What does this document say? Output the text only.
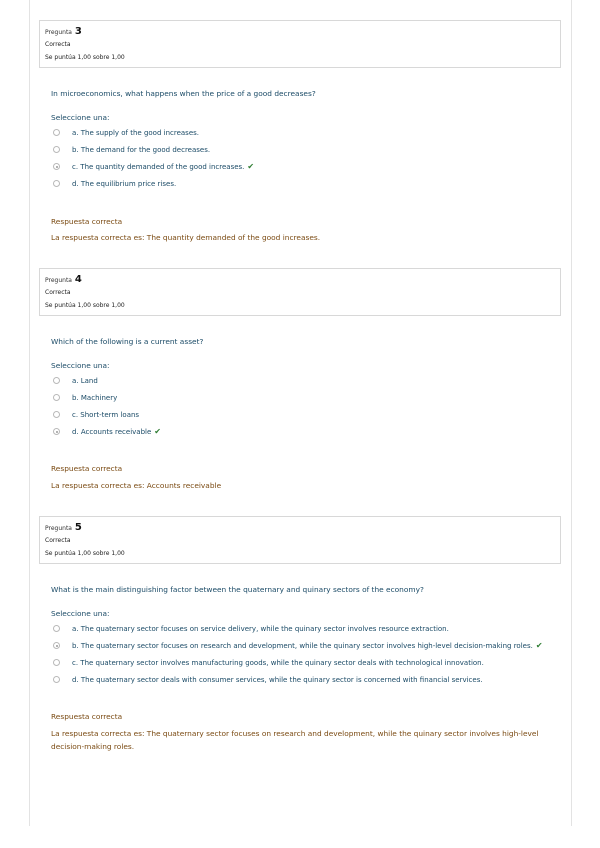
Pregunta 3
Correcta
Se puntúa 1,00 sobre 1,00
In microeconomics, what happens when the price of a good decreases?
Seleccione una:
a. The supply of the good increases.
b. The demand for the good decreases.
c. The quantity demanded of the good increases. ✔
d. The equilibrium price rises.
Respuesta correcta
La respuesta correcta es: The quantity demanded of the good increases.
Pregunta 4
Correcta
Se puntúa 1,00 sobre 1,00
Which of the following is a current asset?
Seleccione una:
a. Land
b. Machinery
c. Short-term loans
d. Accounts receivable ✔
Respuesta correcta
La respuesta correcta es: Accounts receivable
Pregunta 5
Correcta
Se puntúa 1,00 sobre 1,00
What is the main distinguishing factor between the quaternary and quinary sectors of the economy?
Seleccione una:
a. The quaternary sector focuses on service delivery, while the quinary sector involves resource extraction.
b. The quaternary sector focuses on research and development, while the quinary sector involves high-level decision-making roles. ✔
c. The quaternary sector involves manufacturing goods, while the quinary sector deals with technological innovation.
d. The quaternary sector deals with consumer services, while the quinary sector is concerned with financial services.
Respuesta correcta
La respuesta correcta es: The quaternary sector focuses on research and development, while the quinary sector involves high-level decision-making roles.
